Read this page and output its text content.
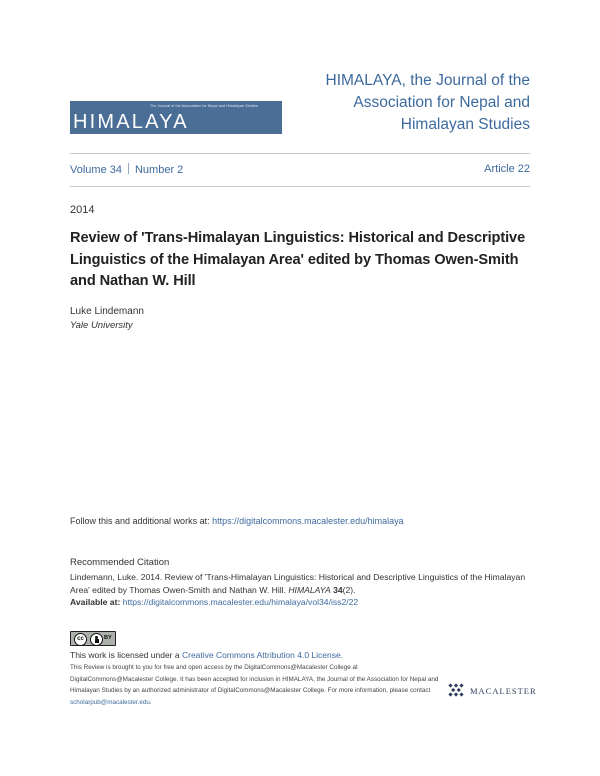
The Journal of the Association for Nepal and Himalayan Studies
HIMALAYA
HIMALAYA, the Journal of the
Association for Nepal and
Himalayan Studies
Volume 34 Number 2	Article 22
2014
Review of 'Trans-Himalayan Linguistics: Historical and Descriptive Linguistics of the Himalayan Area' edited by Thomas Owen-Smith and Nathan W. Hill
Luke Lindemann
Yale University
Follow this and additional works at: https://digitalcommons.macalester.edu/himalaya
Recommended Citation
Lindemann, Luke. 2014. Review of 'Trans-Himalayan Linguistics: Historical and Descriptive Linguistics of the Himalayan Area' edited by Thomas Owen-Smith and Nathan W. Hill. HIMALAYA 34(2).
Available at: https://digitalcommons.macalester.edu/himalaya/vol34/iss2/22
cc	BY
This work is licensed under a Creative Commons Attribution 4.0 License.
This Review is brought to you for free and open access by the DigitalCommons@Macalester College at DigitalCommons@Macalester College. It has been accepted for inclusion in HIMALAYA, the Journal of the Association for Nepal and Himalayan Studies by an authorized administrator of DigitalCommons@Macalester College. For more information, please contact scholarpub@macalester.edu.
MACALESTER
